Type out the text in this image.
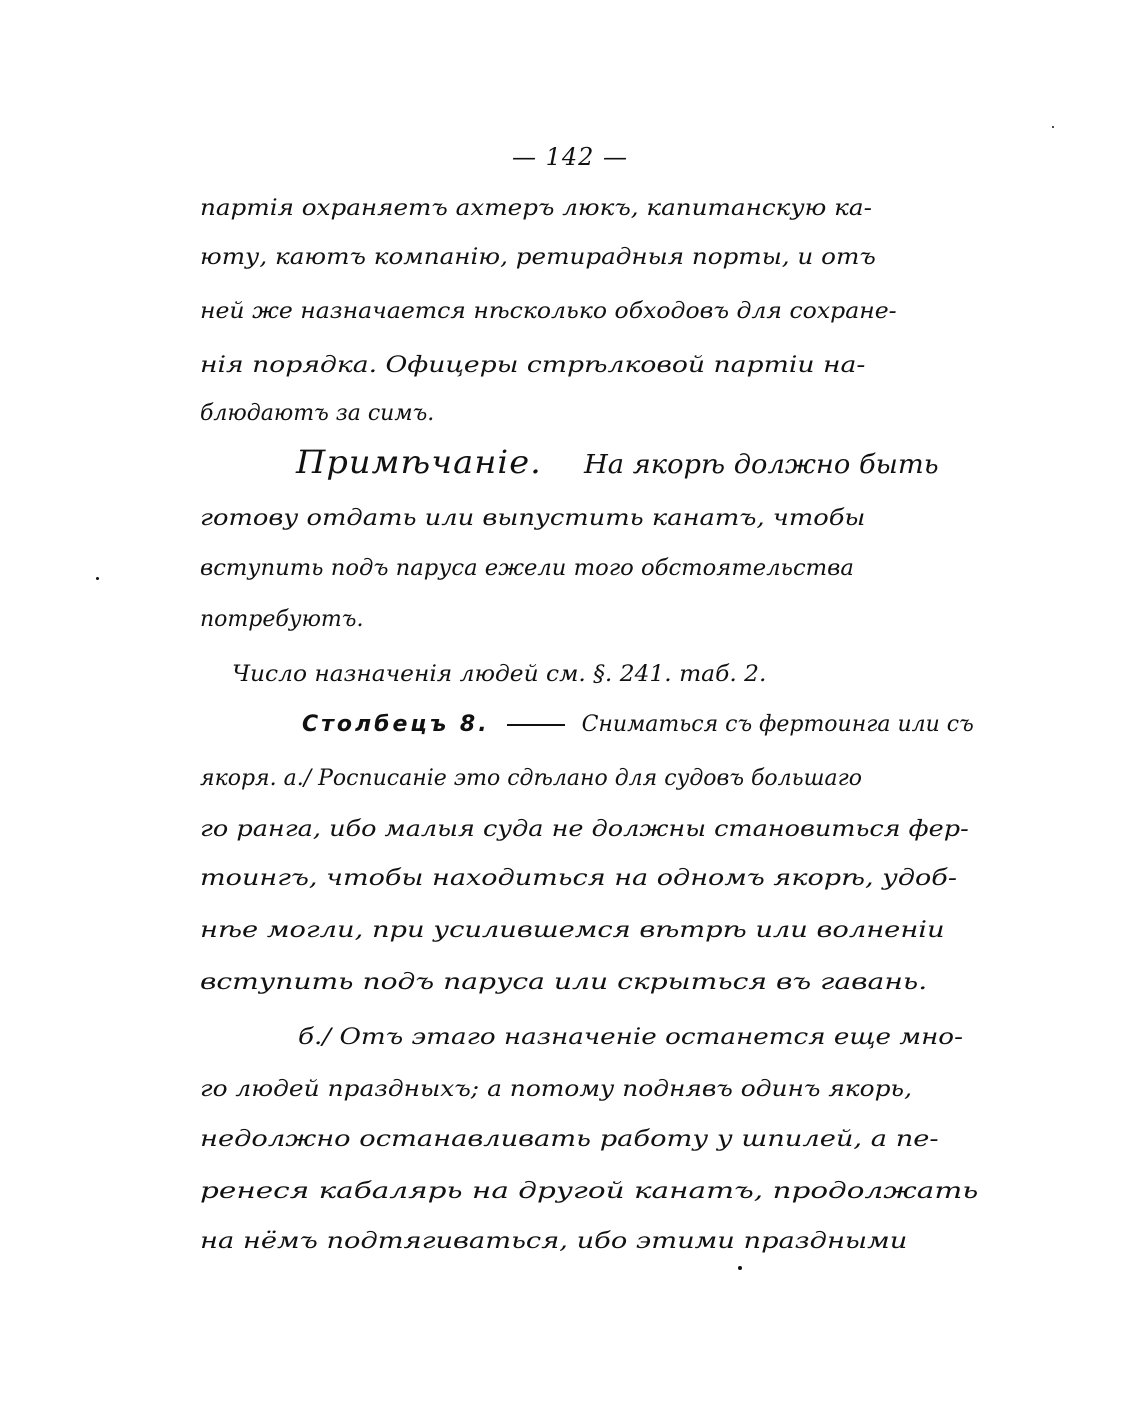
— 142 —
партія охраняетъ ахтеръ люкъ, капитанскую ка-
юту, каютъ компанію, ретирадныя порты, и отъ
ней же назначается нѣсколько обходовъ для сохране-
нія порядка. Офицеры стрѣлковой партіи на-
блюдаютъ за симъ.
Примѣчаніе.     На якорѣ должно быть
готову отдать или выпустить канатъ, чтобы
вступить подъ паруса ежели того обстоятельства
потребуютъ.
Число назначенія людей см. §. 241. таб. 2.
Столбецъ 8.	Сниматься съ фертоинга или съ
якоря. а./ Росписаніе это сдѣлано для судовъ большаго
го ранга, ибо малыя суда не должны становиться фер-
тоингъ, чтобы находиться на одномъ якорѣ, удоб-
нѣе могли, при усилившемся вѣтрѣ или волненіи
вступить подъ паруса или скрыться въ гавань.
б./ Отъ этаго назначеніе останется еще мно-
го людей праздныхъ; а потому поднявъ одинъ якорь,
недолжно останавливать работу у шпилей, а пе-
ренеся кабалярь на другой канатъ, продолжать
на нёмъ подтягиваться, ибо этими праздными
